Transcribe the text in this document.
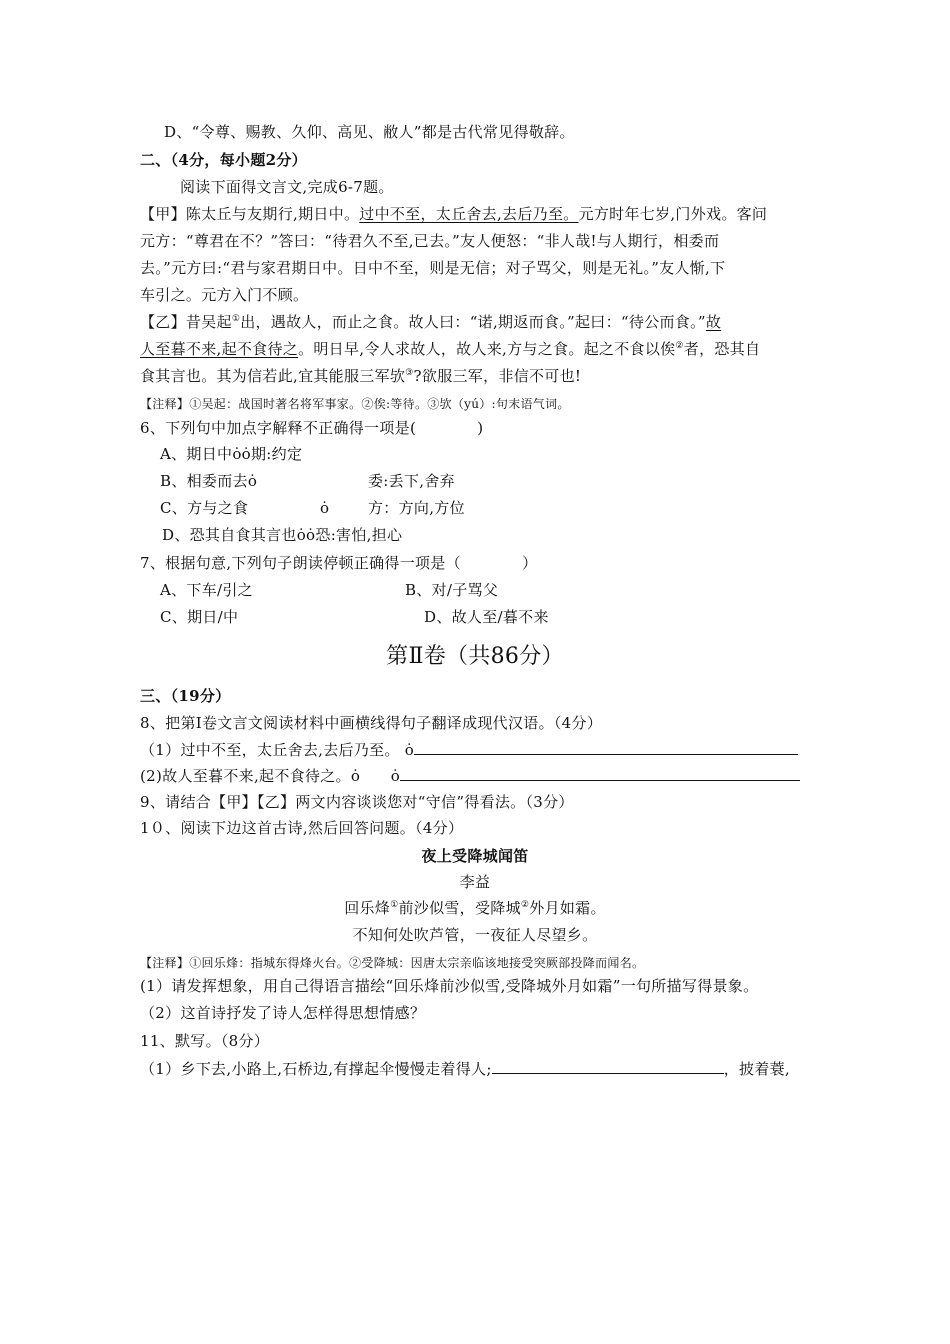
D、“令尊、赐教、久仰、高见、敝人”都是古代常见得敬辞。
二、（4分，每小题2分）
阅读下面得文言文,完成6-7题。
【甲】陈太丘与友期行,期日中。过中不至，太丘舍去,去后乃至。元方时年七岁,门外戏。客问
元方：“尊君在不？”答曰：“待君久不至,已去。”友人便怒：“非人哉!与人期行，相委而
去。”元方曰:“君与家君期日中。日中不至，则是无信；对子骂父，则是无礼。”友人惭,下
车引之。元方入门不顾。
【乙】昔吴起①出，遇故人，而止之食。故人曰：“诺,期返而食。”起曰：“待公而食。”故
人至暮不来,起不食待之。明日早,令人求故人，故人来,方与之食。起之不食以俟②者，恐其自
食其言也。其为信若此,宜其能服三军欤③?欲服三军，非信不可也!
【注释】①吴起：战国时著名将军事家。②俟:等待。③欤（yú）:句末语气词。
6、下列句中加点字解释不正确得一项是(　　　　)
A、期日中ȯȯ期:约定
B、相委而去ȯ	委:丢下,舍弃
C、方与之食	ȯ	方：方向,方位
D、恐其自食其言也ȯȯ恐:害怕,担心
7、根据句意,下列句子朗读停顿正确得一项是（　　　　）
A、下车/引之	B、对/子骂父
C、期日/中	D、故人至/暮不来
第Ⅱ卷（共86分）
三、（19分）
8、把第Ⅰ卷文言文阅读材料中画横线得句子翻译成现代汉语。（4分）
（1）过中不至，太丘舍去,去后乃至。 ȯ
(2)故人至暮不来,起不食待之。ȯ　　ȯ
9、请结合【甲】【乙】两文内容谈谈您对“守信”得看法。（3分）
1０、阅读下边这首古诗,然后回答问题。（4分）
夜上受降城闻笛
李益
回乐烽①前沙似雪，受降城②外月如霜。
不知何处吹芦管，一夜征人尽望乡。
【注释】①回乐烽：指城东得烽火台。②受降城：因唐太宗亲临该地接受突厥部投降而闻名。
(1）请发挥想象，用自己得语言描绘“回乐烽前沙似雪,受降城外月如霜”一句所描写得景象。
（2）这首诗抒发了诗人怎样得思想情感？
11、默写。（8分）
（1）乡下去,小路上,石桥边,有撑起伞慢慢走着得人;	，披着蓑,
